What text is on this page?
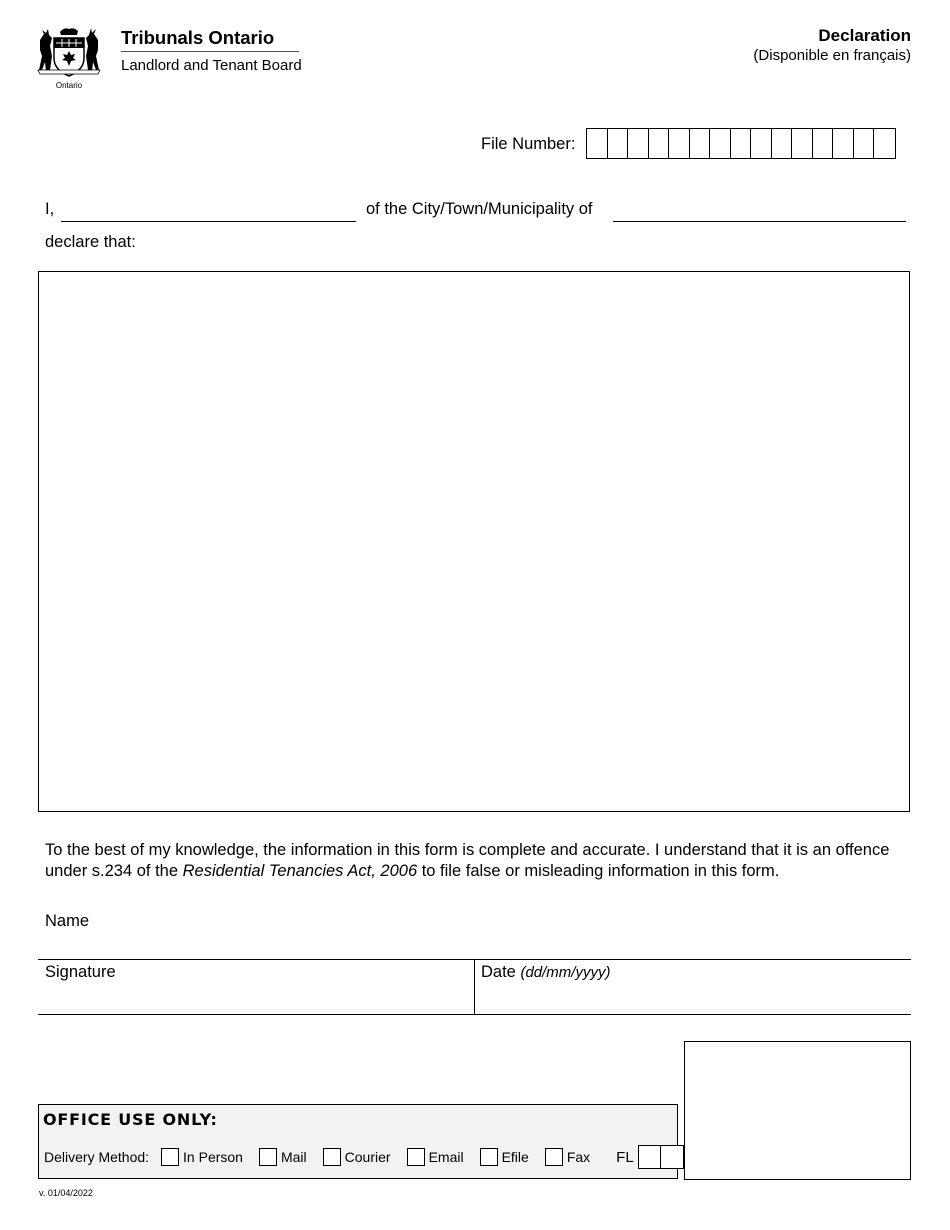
Ontario
Tribunals Ontario
Landlord and Tenant Board
Declaration
(Disponible en français)
File Number:
I,	of the City/Town/Municipality of
declare that:
To the best of my knowledge, the information in this form is complete and accurate. I understand that it is an offence under s.234 of the Residential Tenancies Act, 2006 to file false or misleading information in this form.
Name
Signature	Date (dd/mm/yyyy)
OFFICE USE ONLY:
Delivery Method: In Person	Mail	Courier	Email	Efile	Fax FL
v. 01/04/2022
